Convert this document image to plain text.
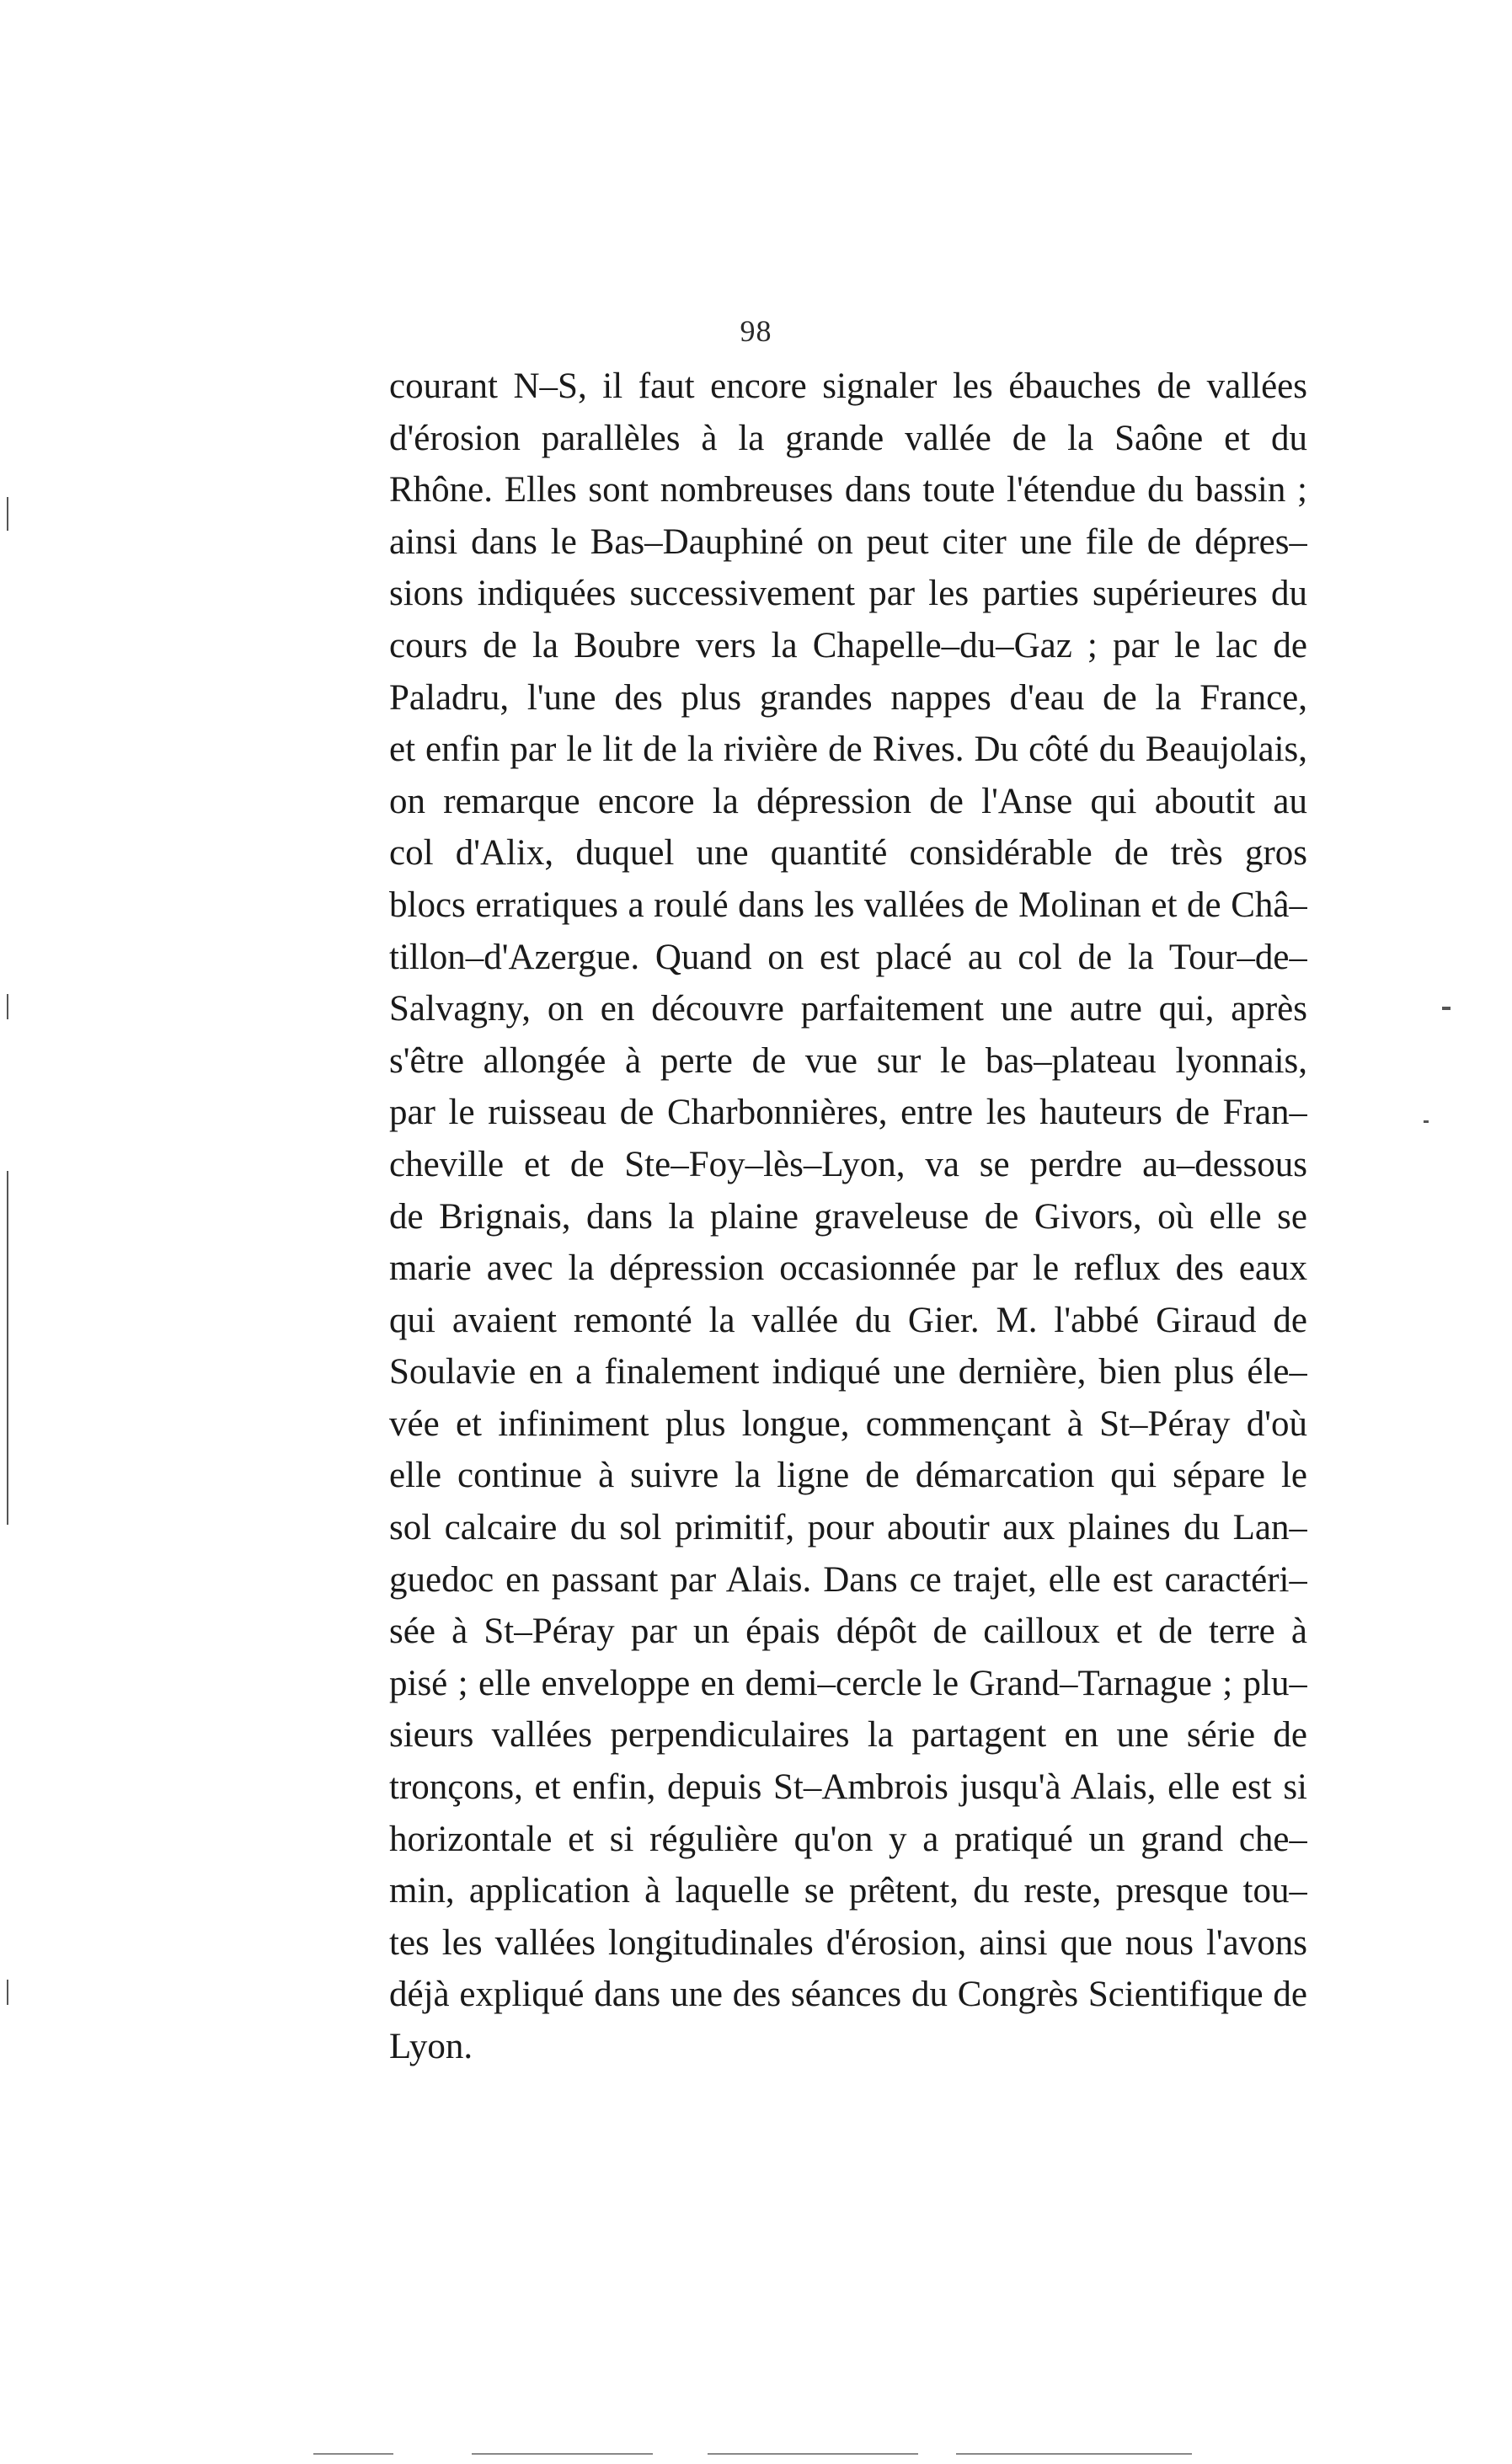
98
courant N–S, il faut encore signaler les ébauches de vallées
d'érosion parallèles à la grande vallée de la Saône et du
Rhône. Elles sont nombreuses dans toute l'étendue du bassin ;
ainsi dans le Bas–Dauphiné on peut citer une file de dépres–
sions indiquées successivement par les parties supérieures du
cours de la Boubre vers la Chapelle–du–Gaz ; par le lac de
Paladru, l'une des plus grandes nappes d'eau de la France,
et enfin par le lit de la rivière de Rives. Du côté du Beaujolais,
on remarque encore la dépression de l'Anse qui aboutit au
col d'Alix, duquel une quantité considérable de très gros
blocs erratiques a roulé dans les vallées de Molinan et de Châ–
tillon–d'Azergue. Quand on est placé au col de la Tour–de–
Salvagny, on en découvre parfaitement une autre qui, après
s'être allongée à perte de vue sur le bas–plateau lyonnais,
par le ruisseau de Charbonnières, entre les hauteurs de Fran–
cheville et de Ste–Foy–lès–Lyon, va se perdre au–dessous
de Brignais, dans la plaine graveleuse de Givors, où elle se
marie avec la dépression occasionnée par le reflux des eaux
qui avaient remonté la vallée du Gier. M. l'abbé Giraud de
Soulavie en a finalement indiqué une dernière, bien plus éle–
vée et infiniment plus longue, commençant à St–Péray d'où
elle continue à suivre la ligne de démarcation qui sépare le
sol calcaire du sol primitif, pour aboutir aux plaines du Lan–
guedoc en passant par Alais. Dans ce trajet, elle est caractéri–
sée à St–Péray par un épais dépôt de cailloux et de terre à
pisé ; elle enveloppe en demi–cercle le Grand–Tarnague ; plu–
sieurs vallées perpendiculaires la partagent en une série de
tronçons, et enfin, depuis St–Ambrois jusqu'à Alais, elle est si
horizontale et si régulière qu'on y a pratiqué un grand che–
min, application à laquelle se prêtent, du reste, presque tou–
tes les vallées longitudinales d'érosion, ainsi que nous l'avons
déjà expliqué dans une des séances du Congrès Scientifique de
Lyon.
